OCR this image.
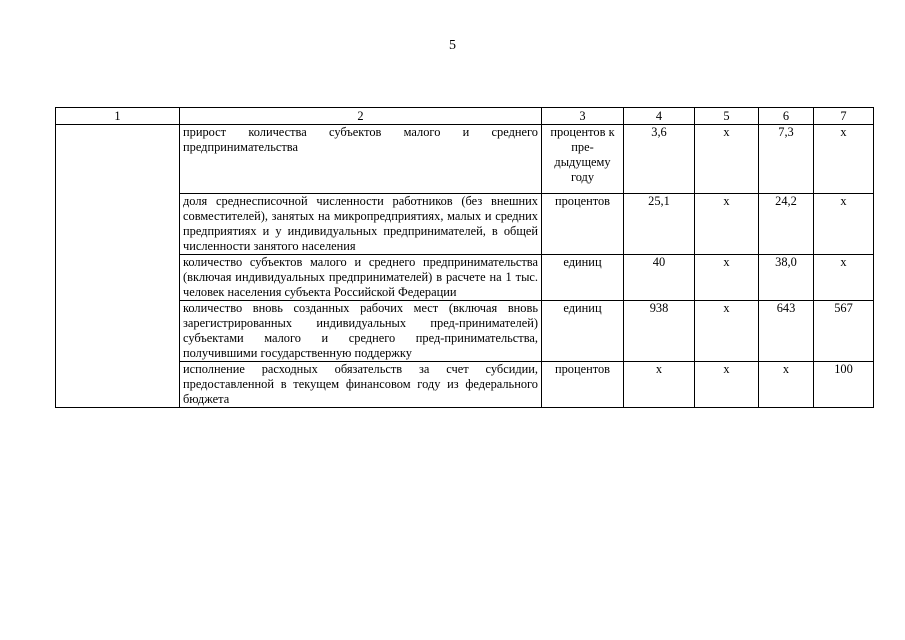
5
1	2	3	4	5	6	7
	прирост количества субъектов малого и среднего предпринимательства	процентов к пре-дыдущему году	3,6	х	7,3	х
	доля среднесписочной численности работников (без внешних совместителей), занятых на микропредприятиях, малых и средних предприятиях и у индивидуальных предпринимателей, в общей численности занятого населения	процентов	25,1	х	24,2	х
	количество субъектов малого и среднего предпринимательства (включая индивидуальных предпринимателей) в расчете на 1 тыс. человек населения субъекта Российской Федерации	единиц	40	х	38,0	х
	количество вновь созданных рабочих мест (включая вновь зарегистрированных индивидуальных пред-принимателей) субъектами малого и среднего пред-принимательства, получившими государственную поддержку	единиц	938	х	643	567
	исполнение расходных обязательств за счет субсидии, предоставленной в текущем финансовом году из федерального бюджета	процентов	х	х	х	100
